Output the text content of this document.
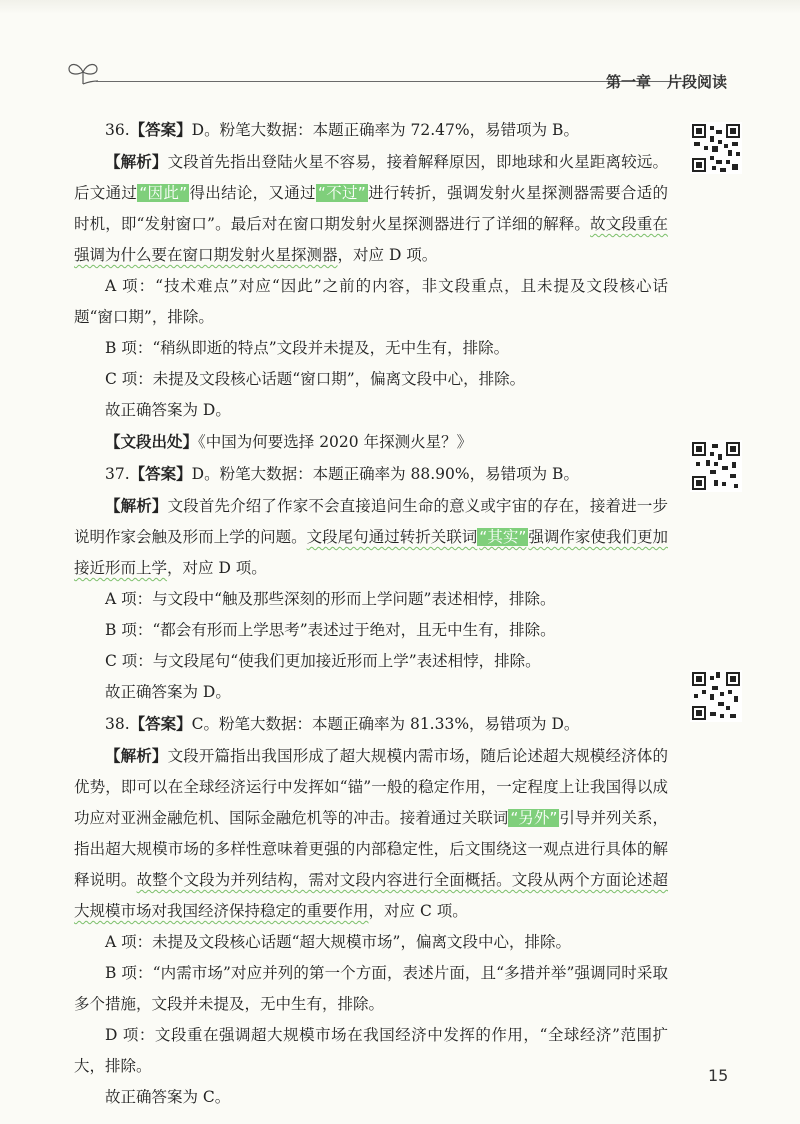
第一章 片段阅读

36.【答案】D。粉笔大数据：本题正确率为 72.47%，易错项为 B。

【解析】文段首先指出登陆火星不容易，接着解释原因，即地球和火星距离较远。后文通过 “因此” 得出结论，又通过 “不过” 进行转折，强调发射火星探测器需要合适的时机，即“发射窗口”。最后对在窗口期发射火星探测器进行了详细的解释。故文段重在强调为什么要在窗口期发射火星探测器，对应 D 项。

A 项：“技术难点”对应“因此”之前的内容，非文段重点，且未提及文段核心话题“窗口期”，排除。

B 项：“稍纵即逝的特点”文段并未提及，无中生有，排除。

C 项：未提及文段核心话题“窗口期”，偏离文段中心，排除。

故正确答案为 D。

【文段出处】《中国为何要选择 2020 年探测火星？》

37.【答案】D。粉笔大数据：本题正确率为 88.90%，易错项为 B。

【解析】文段首先介绍了作家不会直接追问生命的意义或宇宙的存在，接着进一步说明作家会触及形而上学的问题。文段尾句通过转折关联词 “其实” 强调作家使我们更加接近形而上学，对应 D 项。

A 项：与文段中“触及那些深刻的形而上学问题”表述相悖，排除。

B 项：“都会有形而上学思考”表述过于绝对，且无中生有，排除。

C 项：与文段尾句“使我们更加接近形而上学”表述相悖，排除。

故正确答案为 D。

38.【答案】C。粉笔大数据：本题正确率为 81.33%，易错项为 D。

【解析】文段开篇指出我国形成了超大规模内需市场，随后论述超大规模经济体的优势，即可以在全球经济运行中发挥如“锚”一般的稳定作用，一定程度上让我国得以成功应对亚洲金融危机、国际金融危机等的冲击。接着通过关联词 “另外” 引导并列关系，指出超大规模市场的多样性意味着更强的内部稳定性，后文围绕这一观点进行具体的解释说明。故整个文段为并列结构，需对文段内容进行全面概括。文段从两个方面论述超大规模市场对我国经济保持稳定的重要作用，对应 C 项。

A 项：未提及文段核心话题“超大规模市场”，偏离文段中心，排除。

B 项：“内需市场”对应并列的第一个方面，表述片面，且“多措并举”强调同时采取多个措施，文段并未提及，无中生有，排除。

D 项：文段重在强调超大规模市场在我国经济中发挥的作用，“全球经济”范围扩大，排除。

故正确答案为 C。

15
